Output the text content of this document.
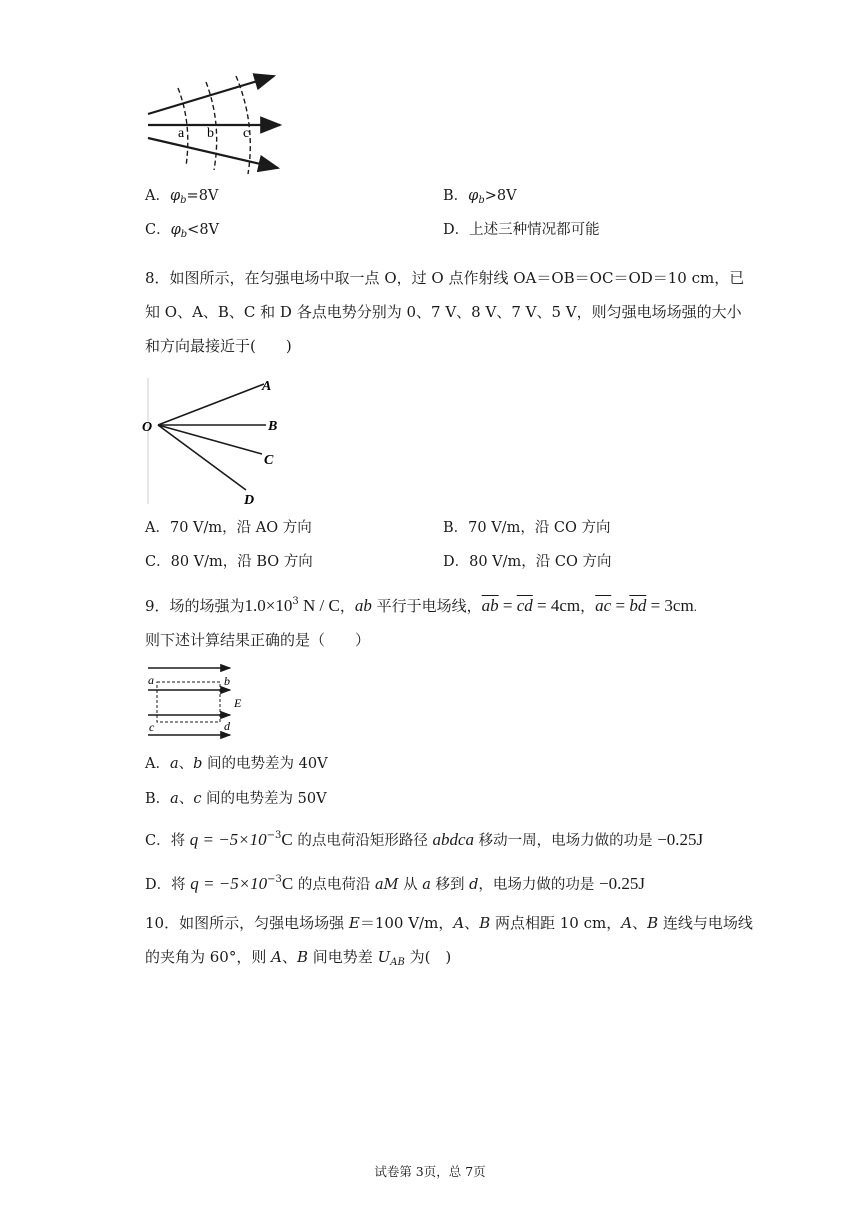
a b c
A．$\varphi_b=8V$	B．$\varphi_b>8V$
C．$\varphi_b<8V$	D．上述三种情况都可能
8．如图所示，在匀强电场中取一点 O，过 O 点作射线 OA＝OB＝OC＝OD＝10 cm，已
知 O、A、B、C 和 D 各点电势分别为 0、7 V、8 V、7 V、5 V，则匀强电场场强的大小
和方向最接近于(　　)
O
A
B
C
D
A．70 V/m，沿 AO 方向	B．70 V/m，沿 CO 方向
C．80 V/m，沿 BO 方向	D．80 V/m，沿 CO 方向
9．场的场强为$1.0\times 10^3$ N / C，ab 平行于电场线，$\overline{ab} = \overline{cd} = 4cm$，$\overline{ac} = \overline{bd} = 3cm$.
则下述计算结果正确的是（　　）
a	b
c	d
E
A．a、b 间的电势差为 40V
B．a、c 间的电势差为 50V
C．将 $q = -5\times 10^{-3}C$ 的点电荷沿矩形路径 abdca 移动一周，电场力做的功是 −0.25J
D．将 $q = -5\times 10^{-3}C$ 的点电荷沿 aM 从 a 移到 d，电场力做的功是 −0.25J
10．如图所示，匀强电场场强 E＝100 V/m，A、B 两点相距 10 cm，A、B 连线与电场线
的夹角为 60°，则 A、B 间电势差 $U_{AB}$ 为(　)
试卷第 3页，总 7页
